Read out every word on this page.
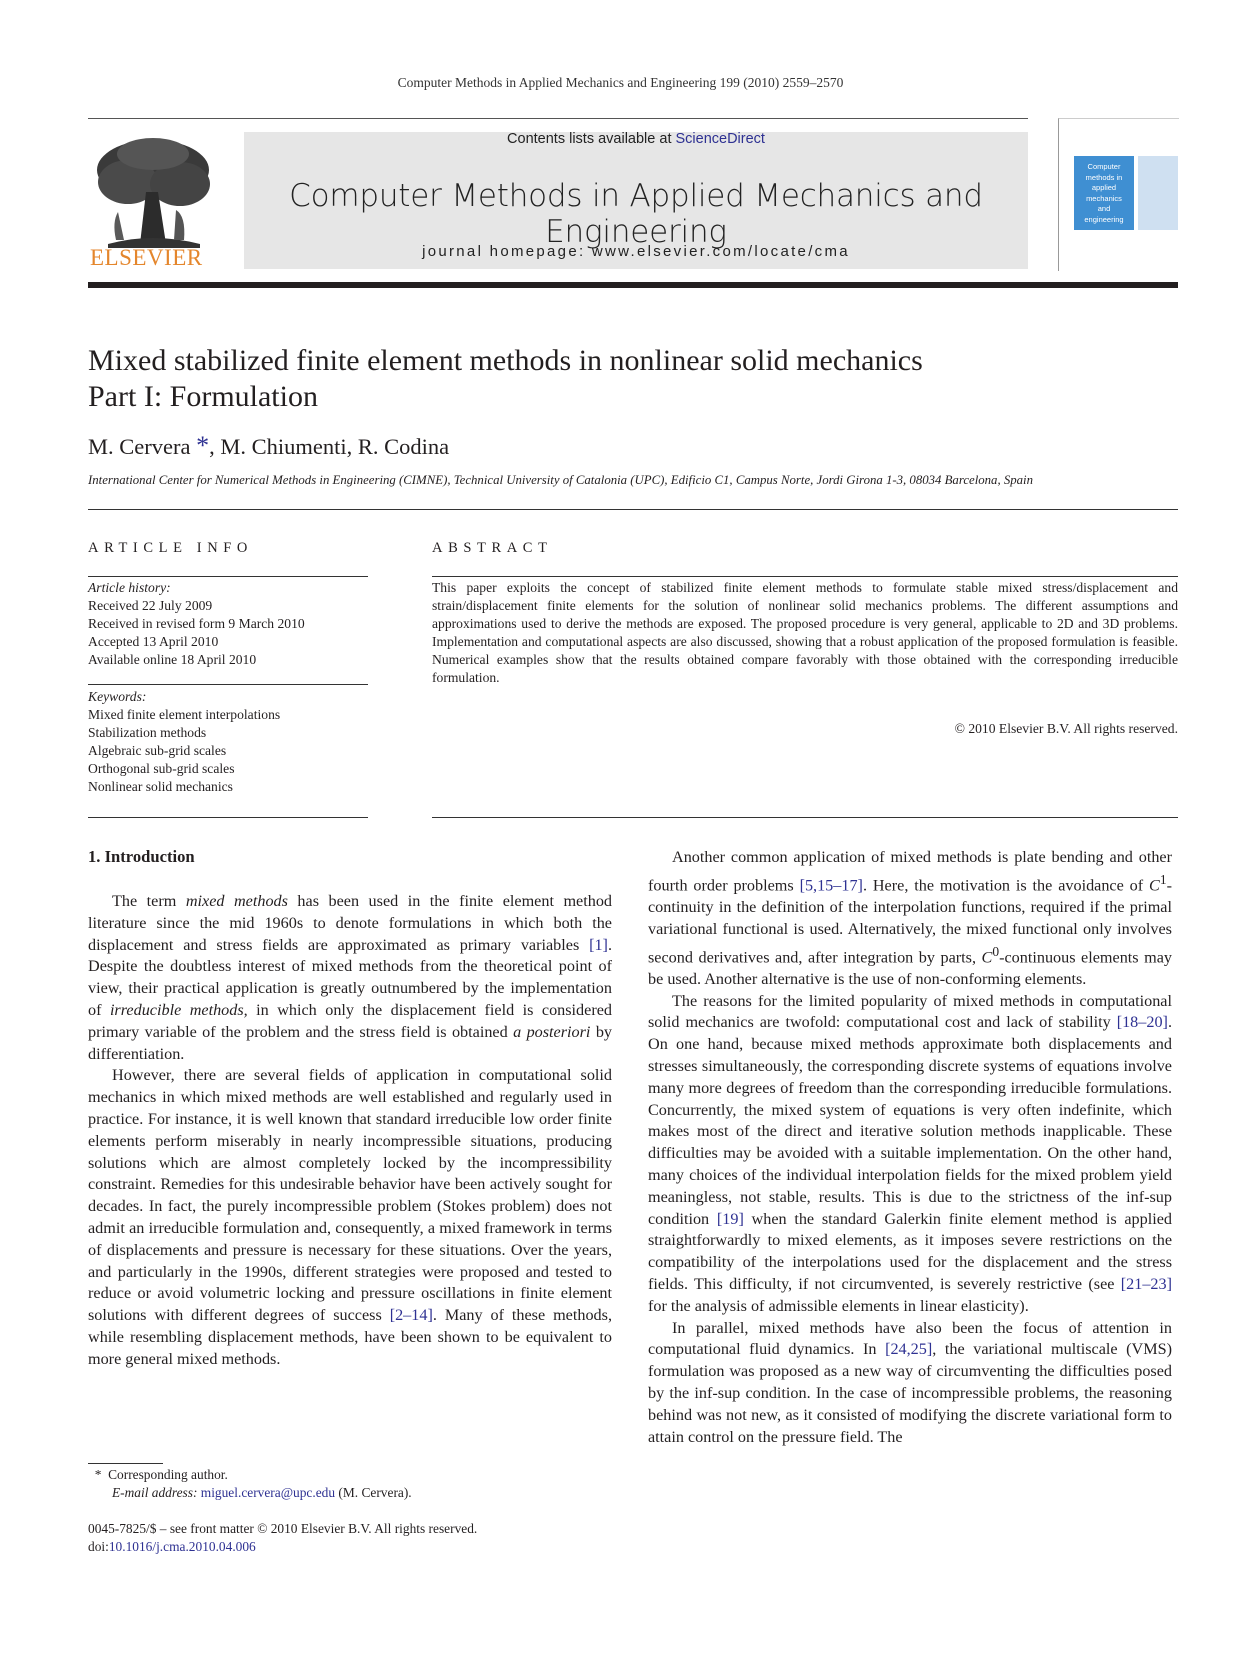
Computer Methods in Applied Mechanics and Engineering 199 (2010) 2559–2570
ELSEVIER
Contents lists available at ScienceDirect
Computer Methods in Applied Mechanics and Engineering
journal homepage: www.elsevier.com/locate/cma
Computer
methods in
applied
mechanics
and
engineering
Mixed stabilized finite element methods in nonlinear solid mechanics
Part I: Formulation
M. Cervera *, M. Chiumenti, R. Codina
International Center for Numerical Methods in Engineering (CIMNE), Technical University of Catalonia (UPC), Edificio C1, Campus Norte, Jordi Girona 1-3, 08034 Barcelona, Spain
ARTICLE INFO
Article history:
Received 22 July 2009
Received in revised form 9 March 2010
Accepted 13 April 2010
Available online 18 April 2010
Keywords:
Mixed finite element interpolations
Stabilization methods
Algebraic sub-grid scales
Orthogonal sub-grid scales
Nonlinear solid mechanics
ABSTRACT
This paper exploits the concept of stabilized finite element methods to formulate stable mixed stress/displacement and strain/displacement finite elements for the solution of nonlinear solid mechanics problems. The different assumptions and approximations used to derive the methods are exposed. The proposed procedure is very general, applicable to 2D and 3D problems. Implementation and computational aspects are also discussed, showing that a robust application of the proposed formulation is feasible. Numerical examples show that the results obtained compare favorably with those obtained with the corresponding irreducible formulation.
© 2010 Elsevier B.V. All rights reserved.
1. Introduction

The term mixed methods has been used in the finite element method literature since the mid 1960s to denote formulations in which both the displacement and stress fields are approximated as primary variables [1]. Despite the doubtless interest of mixed methods from the theoretical point of view, their practical application is greatly outnumbered by the implementation of irreducible methods, in which only the displacement field is considered primary variable of the problem and the stress field is obtained a posteriori by differentiation.

However, there are several fields of application in computational solid mechanics in which mixed methods are well established and regularly used in practice. For instance, it is well known that standard irreducible low order finite elements perform miserably in nearly incompressible situations, producing solutions which are almost completely locked by the incompressibility constraint. Remedies for this undesirable behavior have been actively sought for decades. In fact, the purely incompressible problem (Stokes problem) does not admit an irreducible formulation and, consequently, a mixed framework in terms of displacements and pressure is necessary for these situations. Over the years, and particularly in the 1990s, different strategies were proposed and tested to reduce or avoid volumetric locking and pressure oscillations in finite element solutions with different degrees of success [2–14]. Many of these methods, while resembling displacement methods, have been shown to be equivalent to more general mixed methods.

Another common application of mixed methods is plate bending and other fourth order problems [5,15–17]. Here, the motivation is the avoidance of $C^1$-continuity in the definition of the interpolation functions, required if the primal variational functional is used. Alternatively, the mixed functional only involves second derivatives and, after integration by parts, $C^0$-continuous elements may be used. Another alternative is the use of non-conforming elements.

The reasons for the limited popularity of mixed methods in computational solid mechanics are twofold: computational cost and lack of stability [18–20]. On one hand, because mixed methods approximate both displacements and stresses simultaneously, the corresponding discrete systems of equations involve many more degrees of freedom than the corresponding irreducible formulations. Concurrently, the mixed system of equations is very often indefinite, which makes most of the direct and iterative solution methods inapplicable. These difficulties may be avoided with a suitable implementation. On the other hand, many choices of the individual interpolation fields for the mixed problem yield meaningless, not stable, results. This is due to the strictness of the inf-sup condition [19] when the standard Galerkin finite element method is applied straightforwardly to mixed elements, as it imposes severe restrictions on the compatibility of the interpolations used for the displacement and the stress fields. This difficulty, if not circumvented, is severely restrictive (see [21–23] for the analysis of admissible elements in linear elasticity).

In parallel, mixed methods have also been the focus of attention in computational fluid dynamics. In [24,25], the variational multiscale (VMS) formulation was proposed as a new way of circumventing the difficulties posed by the inf-sup condition. In the case of incompressible problems, the reasoning behind was not new, as it consisted of modifying the discrete variational form to attain control on the pressure field. The

* Corresponding author.
E-mail address: miguel.cervera@upc.edu (M. Cervera).
0045-7825/$ – see front matter © 2010 Elsevier B.V. All rights reserved.
doi:10.1016/j.cma.2010.04.006
